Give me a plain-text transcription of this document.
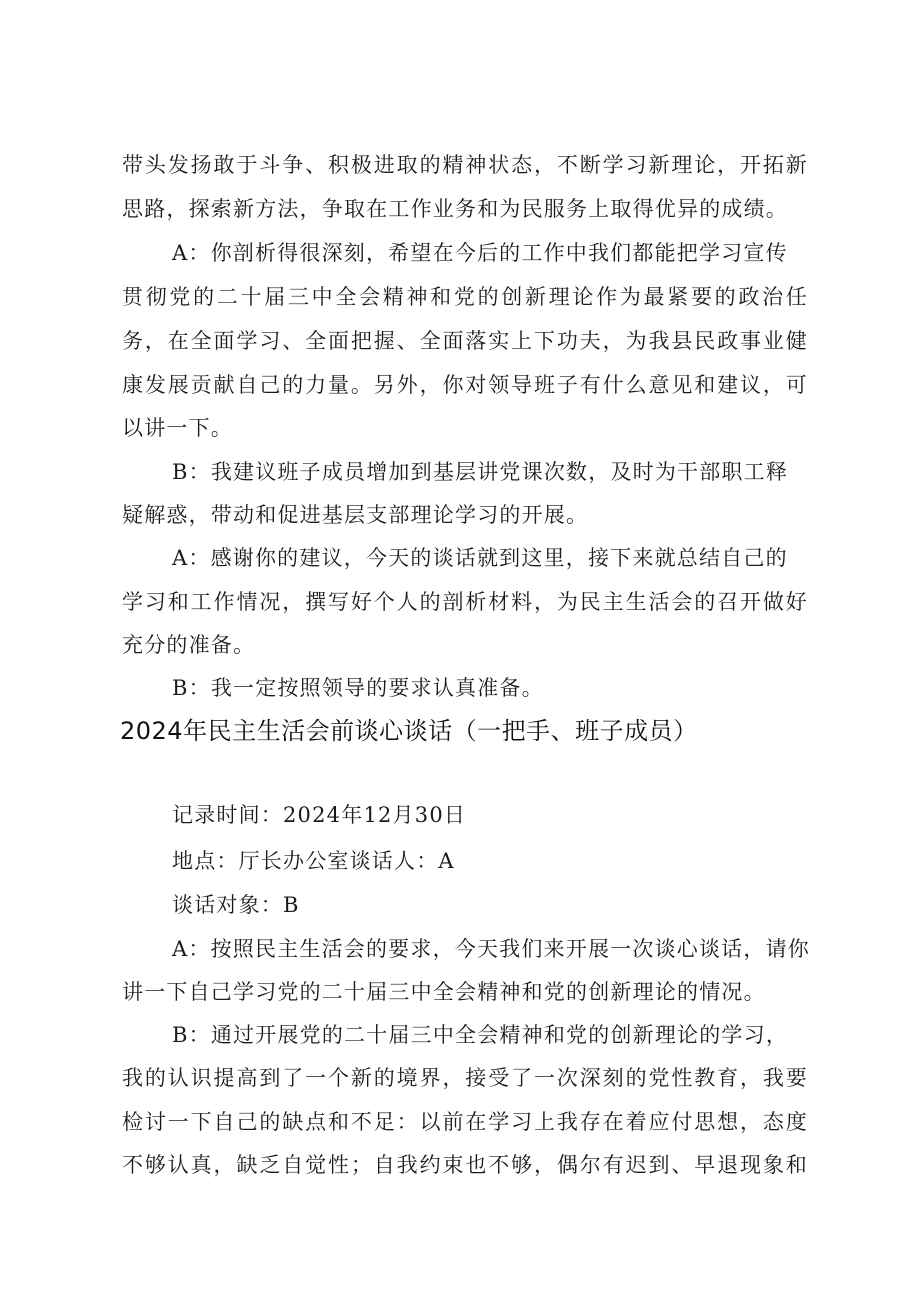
带头发扬敢于斗争、积极进取的精神状态，不断学习新理论，开拓新
思路，探索新方法，争取在工作业务和为民服务上取得优异的成绩。
A：你剖析得很深刻，希望在今后的工作中我们都能把学习宣传
贯彻党的二十届三中全会精神和党的创新理论作为最紧要的政治任
务，在全面学习、全面把握、全面落实上下功夫，为我县民政事业健
康发展贡献自己的力量。另外，你对领导班子有什么意见和建议，可
以讲一下。
B：我建议班子成员增加到基层讲党课次数，及时为干部职工释
疑解惑，带动和促进基层支部理论学习的开展。
A：感谢你的建议，今天的谈话就到这里，接下来就总结自己的
学习和工作情况，撰写好个人的剖析材料，为民主生活会的召开做好
充分的准备。
B：我一定按照领导的要求认真准备。
2024年民主生活会前谈心谈话（一把手、班子成员）
记录时间：2024年12月30日
地点：厅长办公室谈话人：A
谈话对象：B
A：按照民主生活会的要求，今天我们来开展一次谈心谈话，请你
讲一下自己学习党的二十届三中全会精神和党的创新理论的情况。
B：通过开展党的二十届三中全会精神和党的创新理论的学习，
我的认识提高到了一个新的境界，接受了一次深刻的党性教育，我要
检讨一下自己的缺点和不足：以前在学习上我存在着应付思想，态度
不够认真，缺乏自觉性；自我约束也不够，偶尔有迟到、早退现象和
